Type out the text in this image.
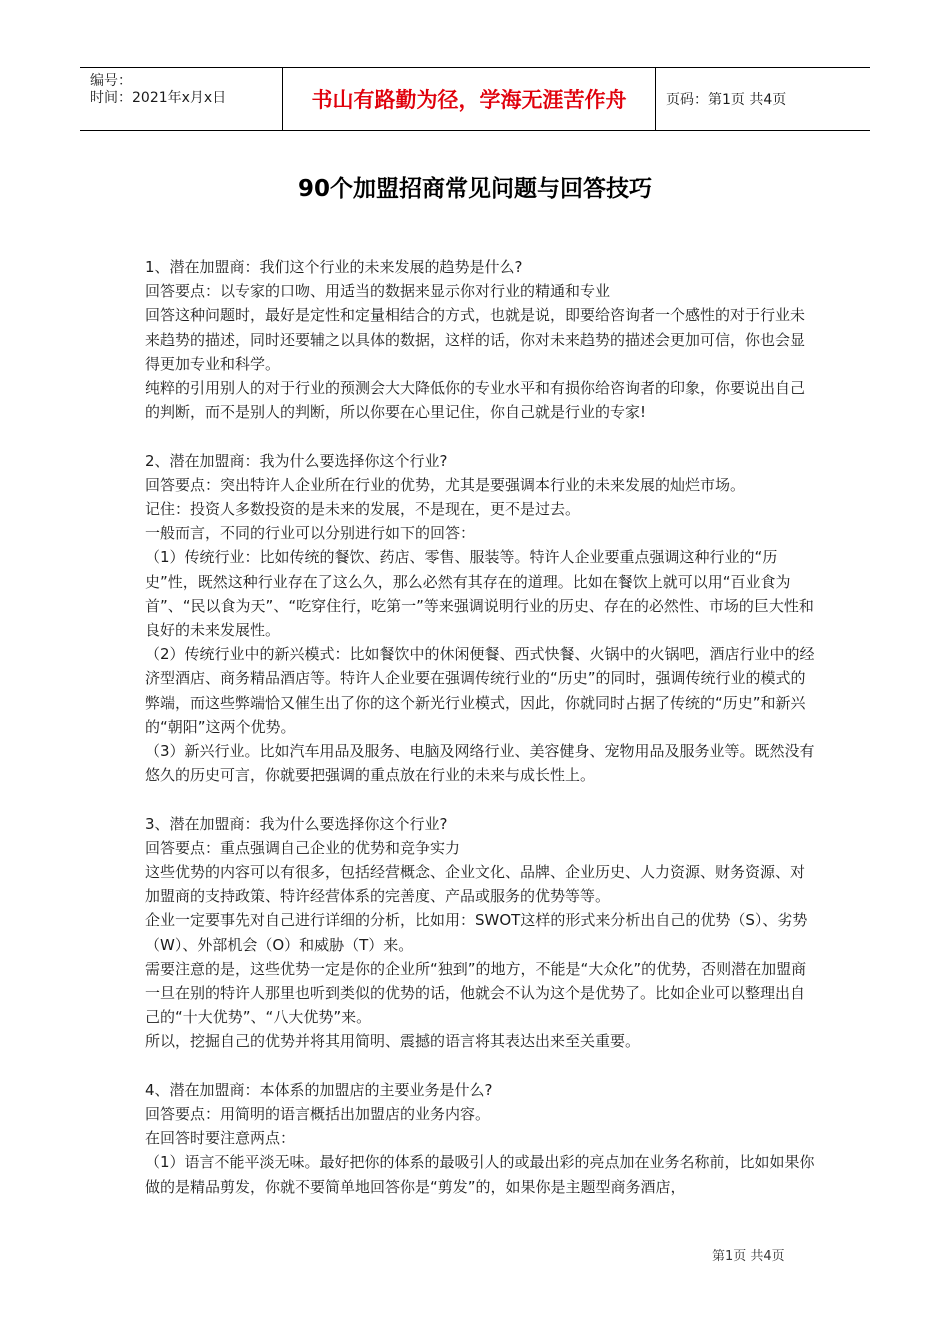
编号：
时间：2021年x月x日	书山有路勤为径，学海无涯苦作舟	页码：第1页 共4页
90个加盟招商常见问题与回答技巧

1、潜在加盟商：我们这个行业的未来发展的趋势是什么?

回答要点：以专家的口吻、用适当的数据来显示你对行业的精通和专业

回答这种问题时，最好是定性和定量相结合的方式，也就是说，即要给咨询者一个感性的对于行业未来趋势的描述，同时还要辅之以具体的数据，这样的话，你对未来趋势的描述会更加可信，你也会显得更加专业和科学。

纯粹的引用别人的对于行业的预测会大大降低你的专业水平和有损你给咨询者的印象，你要说出自己的判断，而不是别人的判断，所以你要在心里记住，你自己就是行业的专家!

2、潜在加盟商：我为什么要选择你这个行业?

回答要点：突出特许人企业所在行业的优势，尤其是要强调本行业的未来发展的灿烂市场。

记住：投资人多数投资的是未来的发展，不是现在，更不是过去。

一般而言，不同的行业可以分别进行如下的回答：

（1）传统行业：比如传统的餐饮、药店、零售、服装等。特许人企业要重点强调这种行业的“历史”性，既然这种行业存在了这么久，那么必然有其存在的道理。比如在餐饮上就可以用“百业食为首”、“民以食为天”、“吃穿住行，吃第一”等来强调说明行业的历史、存在的必然性、市场的巨大性和良好的未来发展性。

（2）传统行业中的新兴模式：比如餐饮中的休闲便餐、西式快餐、火锅中的火锅吧，酒店行业中的经济型酒店、商务精品酒店等。特许人企业要在强调传统行业的“历史”的同时，强调传统行业的模式的弊端，而这些弊端恰又催生出了你的这个新光行业模式，因此，你就同时占据了传统的“历史”和新兴的“朝阳”这两个优势。

（3）新兴行业。比如汽车用品及服务、电脑及网络行业、美容健身、宠物用品及服务业等。既然没有悠久的历史可言，你就要把强调的重点放在行业的未来与成长性上。

3、潜在加盟商：我为什么要选择你这个行业?

回答要点：重点强调自己企业的优势和竞争实力

这些优势的内容可以有很多，包括经营概念、企业文化、品牌、企业历史、人力资源、财务资源、对加盟商的支持政策、特许经营体系的完善度、产品或服务的优势等等。

企业一定要事先对自己进行详细的分析，比如用：SWOT这样的形式来分析出自己的优势（S）、劣势（W）、外部机会（O）和威胁（T）来。

需要注意的是，这些优势一定是你的企业所“独到”的地方，不能是“大众化”的优势，否则潜在加盟商一旦在别的特许人那里也听到类似的优势的话，他就会不认为这个是优势了。比如企业可以整理出自己的“十大优势”、“八大优势”来。

所以，挖掘自己的优势并将其用简明、震撼的语言将其表达出来至关重要。

4、潜在加盟商：本体系的加盟店的主要业务是什么?

回答要点：用简明的语言概括出加盟店的业务内容。

在回答时要注意两点：

（1）语言不能平淡无味。最好把你的体系的最吸引人的或最出彩的亮点加在业务名称前，比如如果你做的是精品剪发，你就不要简单地回答你是“剪发”的，如果你是主题型商务酒店，

第1页 共4页
